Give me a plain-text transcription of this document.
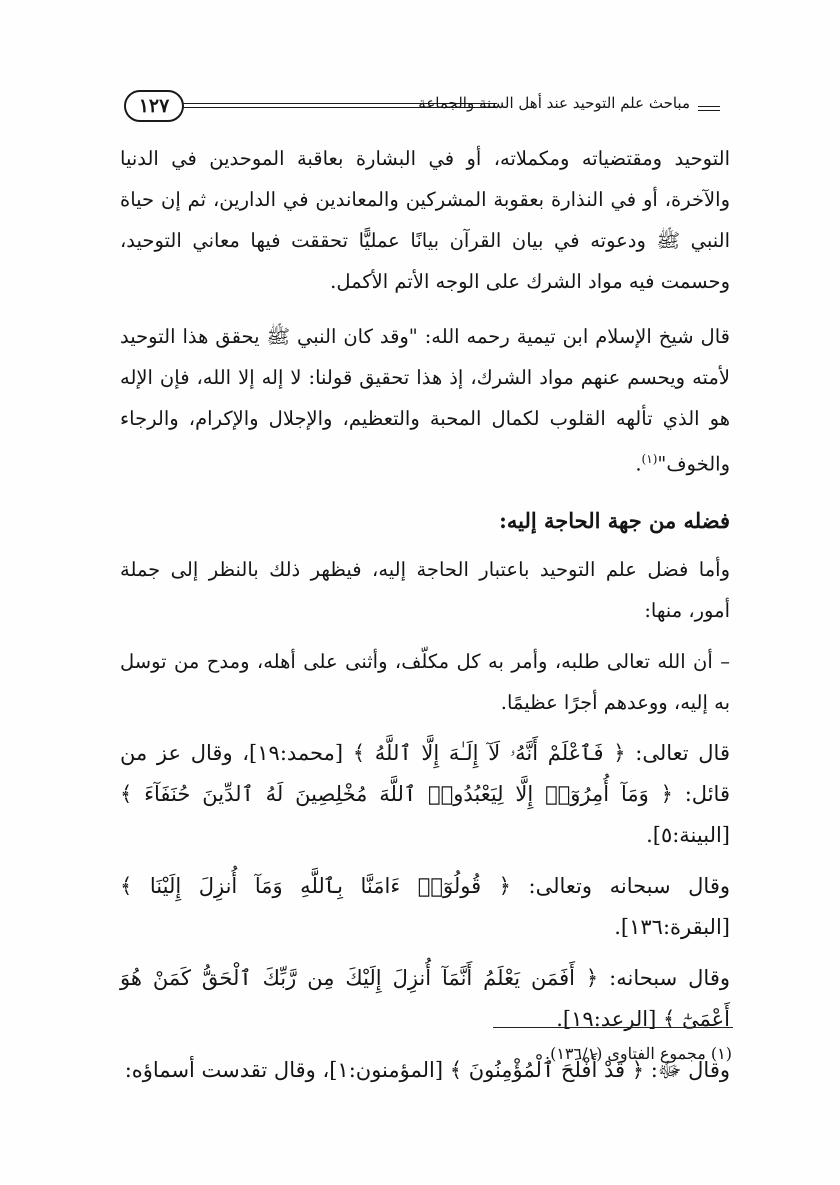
١٢٧	مباحث علم التوحيد عند أهل السنة والجماعة

التوحيد ومقتضياته ومكملاته، أو في البشارة بعاقبة الموحدين في الدنيا والآخرة، أو في النذارة بعقوبة المشركين والمعاندين في الدارين، ثم إن حياة النبي ﷺ ودعوته في بيان القرآن بيانًا عمليًّا تحققت فيها معاني التوحيد، وحسمت فيه مواد الشرك على الوجه الأتم الأكمل.

قال شيخ الإسلام ابن تيمية رحمه الله: "وقد كان النبي ﷺ يحقق هذا التوحيد لأمته ويحسم عنهم مواد الشرك، إذ هذا تحقيق قولنا: لا إله إلا الله، فإن الإله هو الذي تألهه القلوب لكمال المحبة والتعظيم، والإجلال والإكرام، والرجاء والخوف"$^{(١)}$.

فضله من جهة الحاجة إليه:

وأما فضل علم التوحيد باعتبار الحاجة إليه، فيظهر ذلك بالنظر إلى جملة أمور، منها:

– أن الله تعالى طلبه، وأمر به كل مكلّف، وأثنى على أهله، ومدح من توسل به إليه، ووعدهم أجرًا عظيمًا.

قال تعالى: ﴿ فَٱعْلَمْ أَنَّهُۥ لَآ إِلَـٰهَ إِلَّا ٱللَّهُ ﴾ [محمد:١٩]، وقال عز من قائل: ﴿ وَمَآ أُمِرُوٓا۟ إِلَّا لِيَعْبُدُوا۟ ٱللَّهَ مُخْلِصِينَ لَهُ ٱلدِّينَ حُنَفَآءَ ﴾ [البينة:٥].

وقال سبحانه وتعالى: ﴿ قُولُوٓا۟ ءَامَنَّا بِٱللَّهِ وَمَآ أُنزِلَ إِلَيْنَا ﴾ [البقرة:١٣٦].

وقال سبحانه: ﴿ أَفَمَن يَعْلَمُ أَنَّمَآ أُنزِلَ إِلَيْكَ مِن رَّبِّكَ ٱلْحَقُّ كَمَنْ هُوَ أَعْمَىٰٓ ﴾ [الرعد:١٩].

وقال ﷻ: ﴿ قَدْ أَفْلَحَ ٱلْمُؤْمِنُونَ ﴾ [المؤمنون:١]، وقال تقدست أسماؤه:

(١) مجموع الفتاوى (١٣٦/١).
